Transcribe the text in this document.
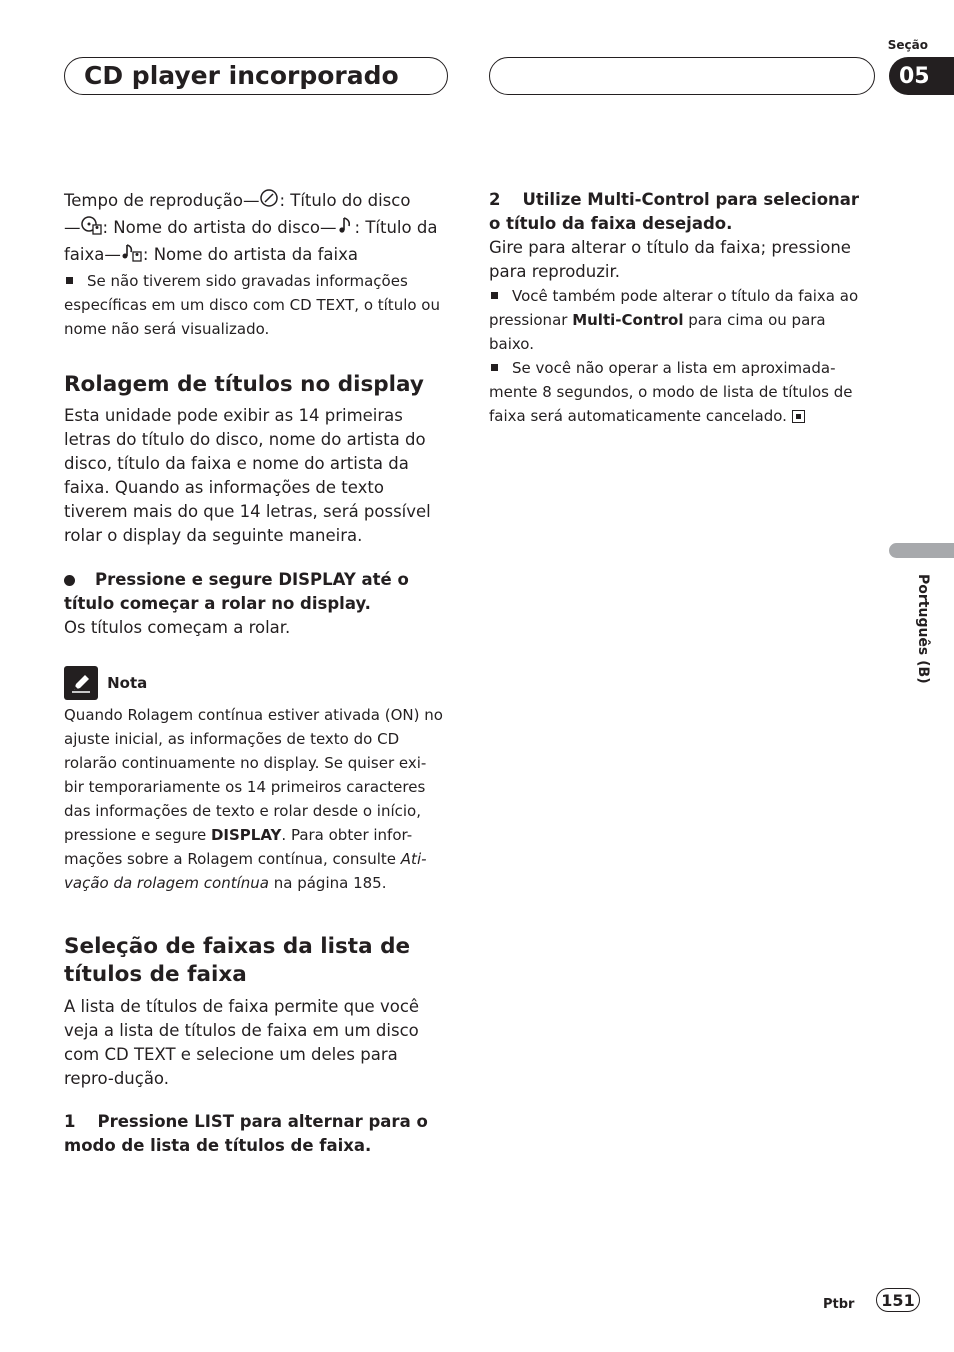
CD player incorporado
Seção
05

Tempo de reprodução— : Título do disco
— : Nome do artista do disco— : Título da
faixa— : Nome do artista da faixa

Se não tiverem sido gravadas informações específicas em um disco com CD TEXT, o título ou nome não será visualizado.

Rolagem de títulos no display

Esta unidade pode exibir as 14 primeiras letras do título do disco, nome do artista do disco, título da faixa e nome do artista da faixa. Quando as informações de texto tiverem mais do que 14 letras, será possível rolar o display da seguinte maneira.

Pressione e segure DISPLAY até o título começar a rolar no display.

Os títulos começam a rolar.

Nota

Quando Rolagem contínua estiver ativada (ON) no ajuste inicial, as informações de texto do CD rolarão continuamente no display. Se quiser exi-bir temporariamente os 14 primeiros caracteres das informações de texto e rolar desde o início, pressione e segure DISPLAY. Para obter infor-mações sobre a Rolagem contínua, consulte Ati-vação da rolagem contínua na página 185.

Seleção de faixas da lista de títulos de faixa

A lista de títulos de faixa permite que você veja a lista de títulos de faixa em um disco com CD TEXT e selecione um deles para repro-dução.

1 Pressione LIST para alternar para o modo de lista de títulos de faixa.

2 Utilize Multi-Control para selecionar o título da faixa desejado.

Gire para alterar o título da faixa; pressione para reproduzir.

Você também pode alterar o título da faixa ao pressionar Multi-Control para cima ou para baixo.

Se você não operar a lista em aproximada-mente 8 segundos, o modo de lista de títulos de faixa será automaticamente cancelado.

Português (B)
Ptbr 151
